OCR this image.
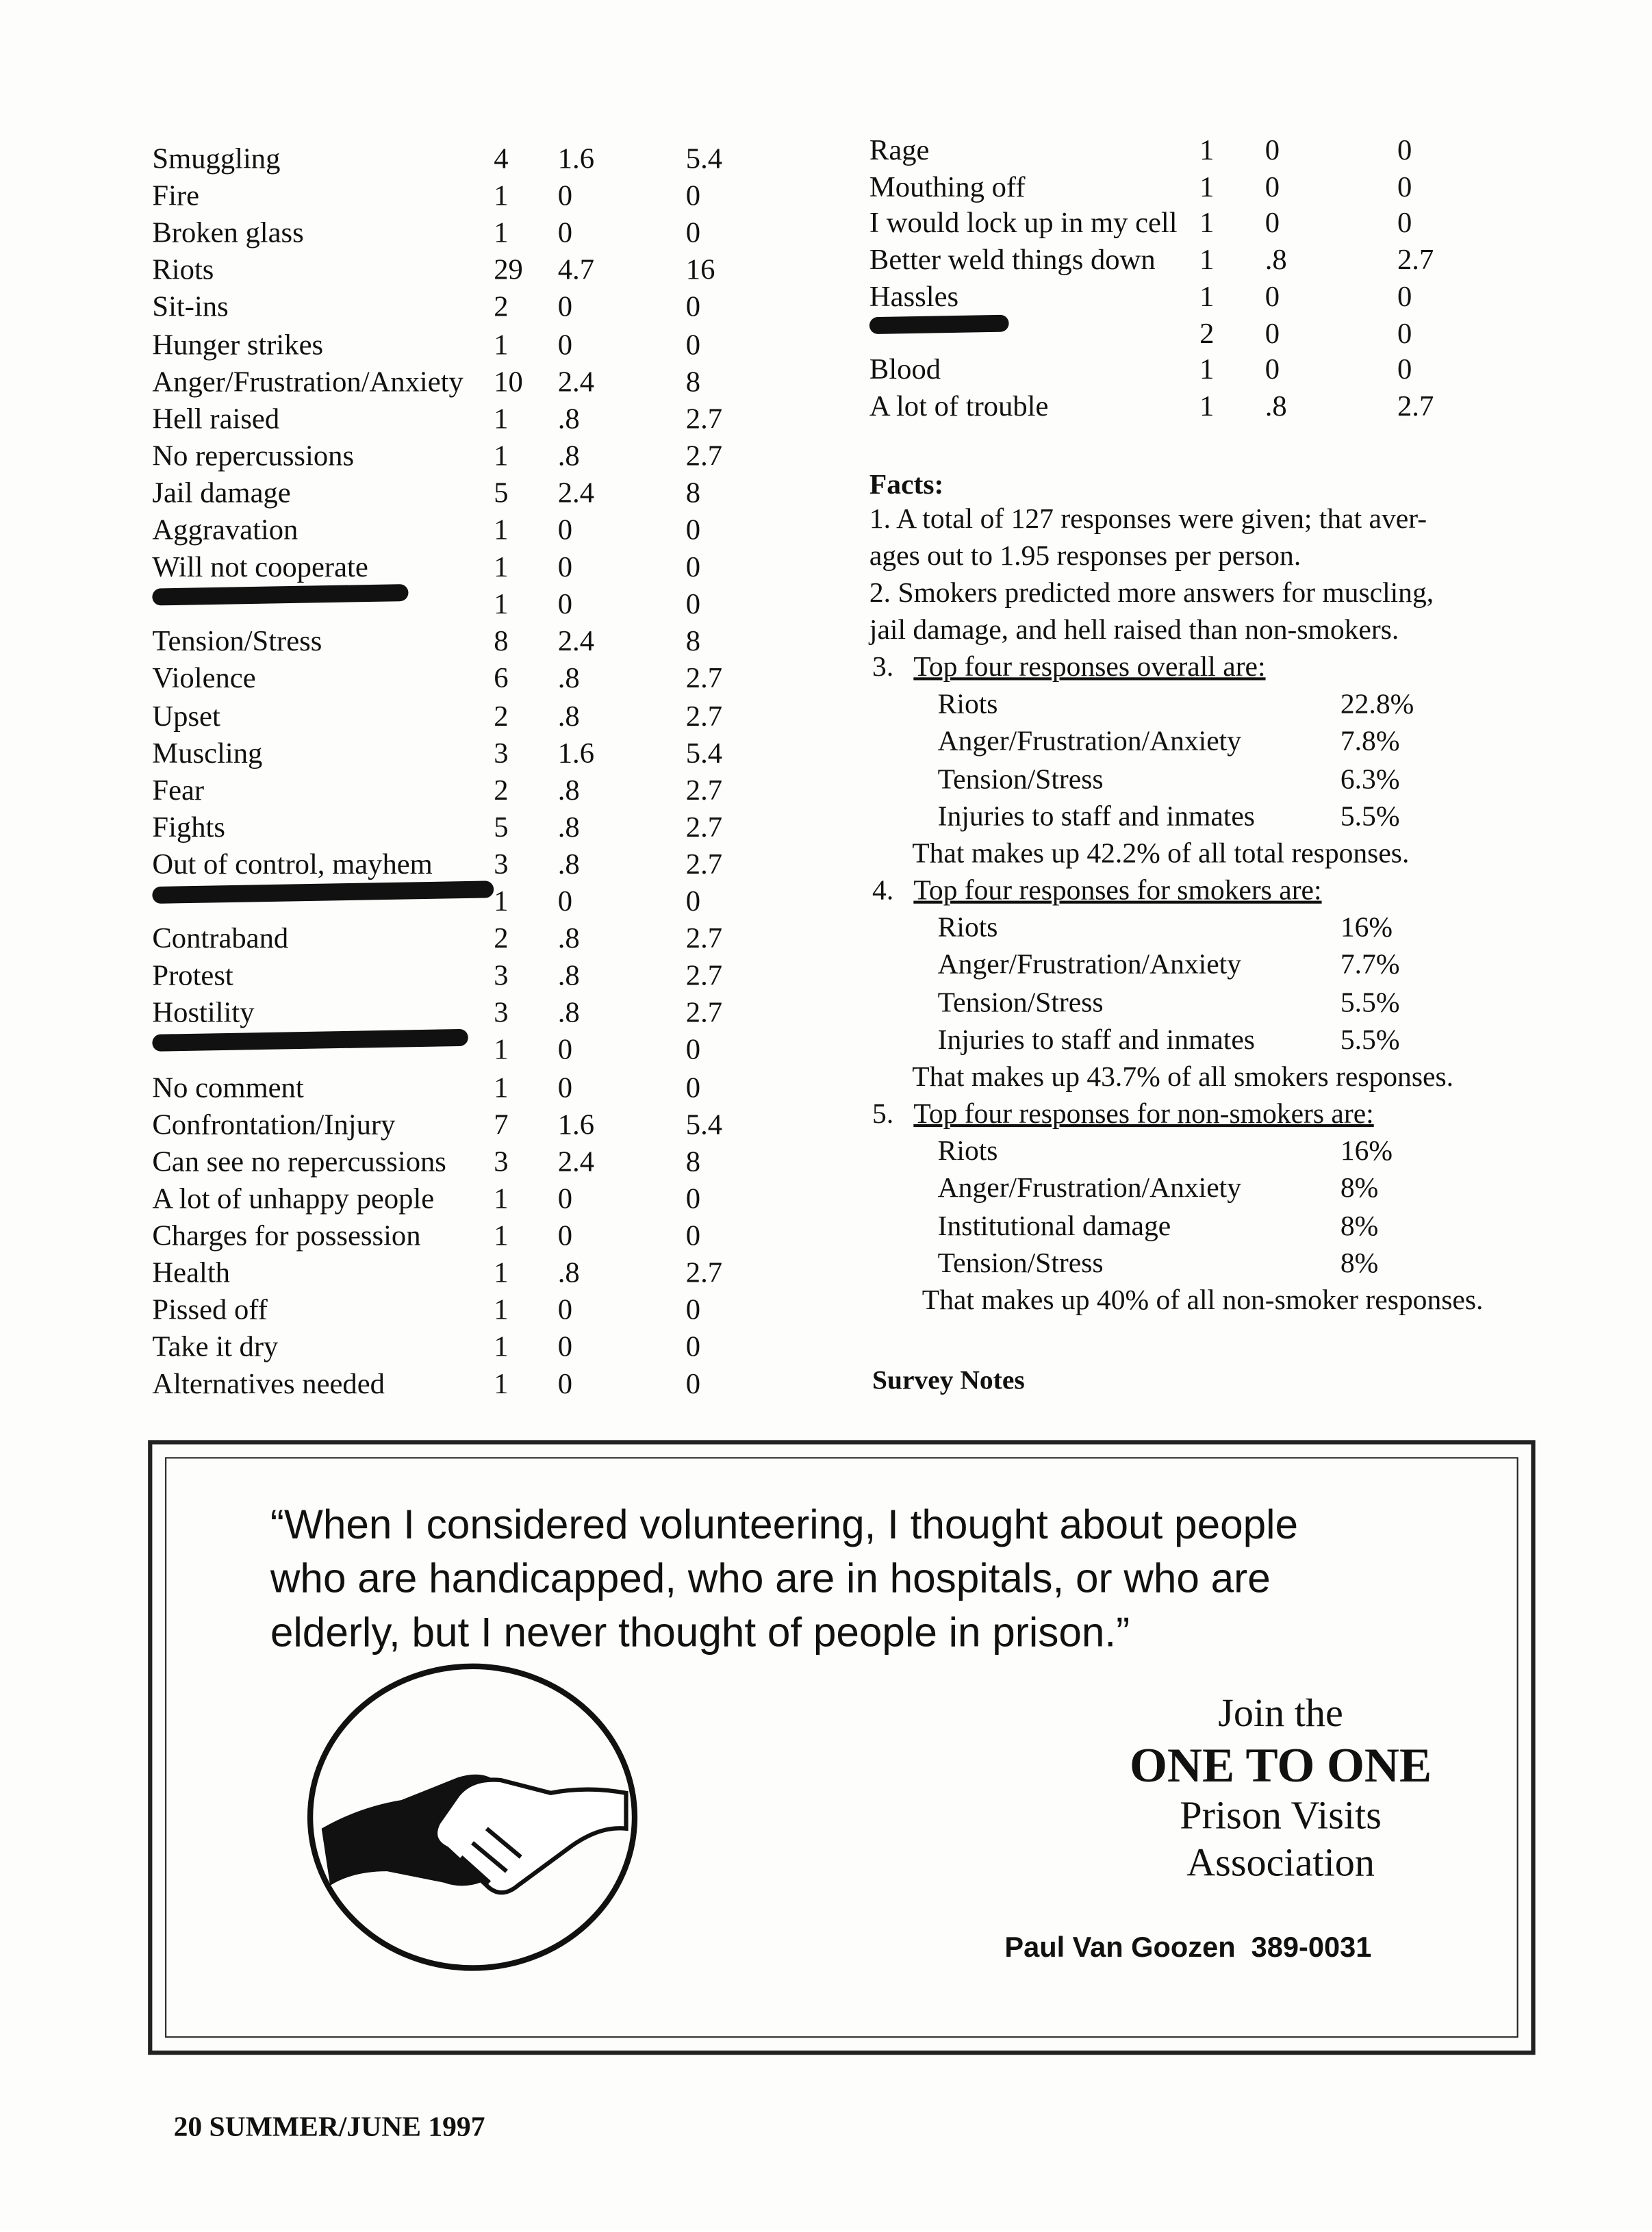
Smuggling	4	1.6	5.4
Fire	1	0	0
Broken glass	1	0	0
Riots	29 4.7	16
Sit-ins	2	0	0
Hunger strikes	1	0	0
Anger/Frustration/Anxiety 10 2.4	8
Hell raised	1	.8	2.7
No repercussions	1	.8	2.7
Jail damage	5	2.4	8
Aggravation	1	0	0
Will not cooperate	1	0	0
1	0	0
Tension/Stress	8	2.4	8
Violence	6	.8	2.7
Upset	2	.8	2.7
Muscling	3	1.6	5.4
Fear	2	.8	2.7
Fights	5	.8	2.7
Out of control, mayhem	3	.8	2.7
1	0	0
Contraband	2	.8	2.7
Protest	3	.8	2.7
Hostility	3	.8	2.7
1	0	0
No comment	1	0	0
Confrontation/Injury	7	1.6	5.4
Can see no repercussions	3	2.4	8
A lot of unhappy people	1	0	0
Charges for possession	1	0	0
Health	1	.8	2.7
Pissed off	1	0	0
Take it dry	1	0	0
Alternatives needed	1	0	0
Rage	1	0	0
Mouthing off	1	0	0
I would lock up in my cell 1	0	0
Better weld things down	1	.8	2.7
Hassles	1	0	0
2	0	0
Blood	1	0	0
A lot of trouble	1	.8	2.7
Facts:
1. A total of 127 responses were given; that aver-
ages out to 1.95 responses per person.
2. Smokers predicted more answers for muscling,
jail damage, and hell raised than non-smokers.
3. Top four responses overall are:
Riots	22.8%
Anger/Frustration/Anxiety	7.8%
Tension/Stress	6.3%
Injuries to staff and inmates	5.5%
That makes up 42.2% of all total responses.
4. Top four responses for smokers are:
Riots	16%
Anger/Frustration/Anxiety	7.7%
Tension/Stress	5.5%
Injuries to staff and inmates	5.5%
That makes up 43.7% of all smokers responses.
5. Top four responses for non-smokers are:
Riots	16%
Anger/Frustration/Anxiety	8%
Institutional damage	8%
Tension/Stress	8%
That makes up 40% of all non-smoker responses.
Survey Notes
“When I considered volunteering, I thought about people
who are handicapped, who are in hospitals, or who are
elderly, but I never thought of people in prison.”
Join the
ONE TO ONE
Prison Visits
Association
Paul Van Goozen  389-0031
20 SUMMER/JUNE 1997
